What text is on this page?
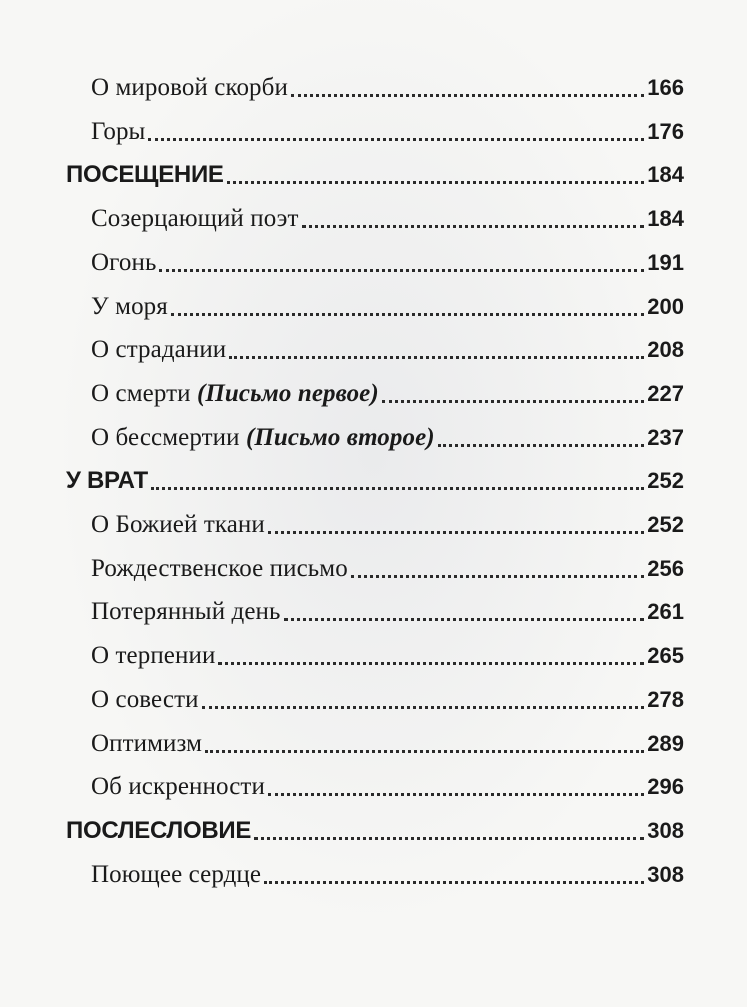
О мировой скорби	166
Горы	176
ПОСЕЩЕНИЕ	184
Созерцающий поэт	184
Огонь	191
У моря	200
О страдании	208
О смерти (Письмо первое)	227
О бессмертии (Письмо второе)	237
У ВРАТ	252
О Божией ткани	252
Рождественское письмо	256
Потерянный день	261
О терпении	265
О совести	278
Оптимизм	289
Об искренности	296
ПОСЛЕСЛОВИЕ	308
Поющее сердце	308
